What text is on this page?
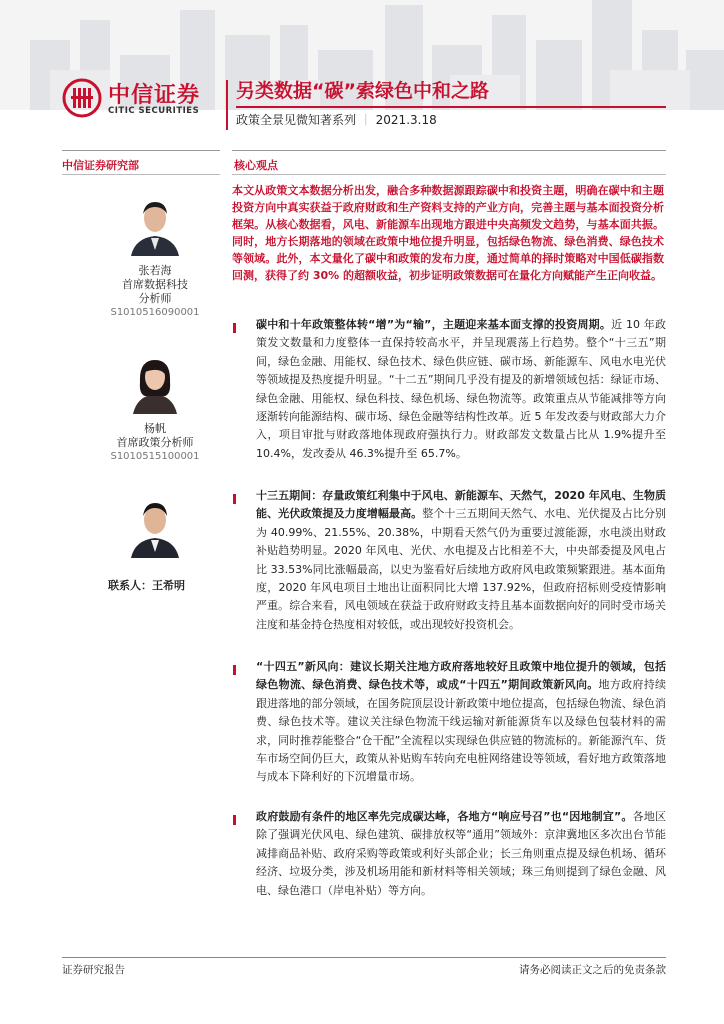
中信证券
CITIC SECURITIES
另类数据“碳”索绿色中和之路
政策全景见微知著系列 ｜ 2021.3.18
中信证券研究部	核心观点
张若海
首席数据科技
分析师
S1010516090001
杨帆
首席政策分析师
S1010515100001
联系人：王希明
本文从政策文本数据分析出发，融合多种数据源跟踪碳中和投资主题，明确在碳中和主题投资方向中真实获益于政府财政和生产资料支持的产业方向，完善主题与基本面投资分析框架。从核心数据看，风电、新能源车出现地方跟进中央高频发文趋势，与基本面共振。同时，地方长期落地的领域在政策中地位提升明显，包括绿色物流、绿色消费、绿色技术等领域。此外，本文量化了碳中和政策的发布力度，通过简单的择时策略对中国低碳指数回测，获得了约 30% 的超额收益，初步证明政策数据可在量化方向赋能产生正向收益。
碳中和十年政策整体转“增”为“输”，主题迎来基本面支撑的投资周期。近 10 年政策发文数量和力度整体一直保持较高水平，并呈现震荡上行趋势。整个“十三五”期间，绿色金融、用能权、绿色技术、绿色供应链、碳市场、新能源车、风电水电光伏等领域提及热度提升明显。“十二五”期间几乎没有提及的新增领域包括：绿证市场、绿色金融、用能权、绿色科技、绿色机场、绿色物流等。政策重点从节能减排等方向逐渐转向能源结构、碳市场、绿色金融等结构性改革。近 5 年发改委与财政部大力介入，项目审批与财政落地体现政府强执行力。财政部发文数量占比从 1.9%提升至 10.4%，发改委从 46.3%提升至 65.7%。
十三五期间：存量政策红利集中于风电、新能源车、天然气，2020 年风电、生物质能、光伏政策提及力度增幅最高。整个十三五期间天然气、水电、光伏提及占比分别为 40.99%、21.55%、20.38%，中期看天然气仍为重要过渡能源，水电淡出财政补贴趋势明显。2020 年风电、光伏、水电提及占比相差不大，中央部委提及风电占比 33.53%同比涨幅最高，以史为鉴看好后续地方政府风电政策频繁跟进。基本面角度，2020 年风电项目土地出让面积同比大增 137.92%，但政府招标则受疫情影响严重。综合来看，风电领域在获益于政府财政支持且基本面数据向好的同时受市场关注度和基金持仓热度相对较低，或出现较好投资机会。
“十四五”新风向：建议长期关注地方政府落地较好且政策中地位提升的领域，包括绿色物流、绿色消费、绿色技术等，或成“十四五”期间政策新风向。地方政府持续跟进落地的部分领域，在国务院顶层设计新政策中地位提高，包括绿色物流、绿色消费、绿色技术等。建议关注绿色物流干线运输对新能源货车以及绿色包装材料的需求，同时推荐能整合“仓干配”全流程以实现绿色供应链的物流标的。新能源汽车、货车市场空间仍巨大，政策从补贴购车转向充电桩网络建设等领域，看好地方政策落地与成本下降利好的下沉增量市场。
政府鼓励有条件的地区率先完成碳达峰，各地方“响应号召”也“因地制宜”。各地区除了强调光伏风电、绿色建筑、碳排放权等“通用”领域外：京津冀地区多次出台节能减排商品补贴、政府采购等政策或利好头部企业；长三角则重点提及绿色机场、循环经济、垃圾分类，涉及机场用能和新材料等相关领域；珠三角则提到了绿色金融、风电、绿色港口（岸电补贴）等方向。
证券研究报告	请务必阅读正文之后的免责条款
